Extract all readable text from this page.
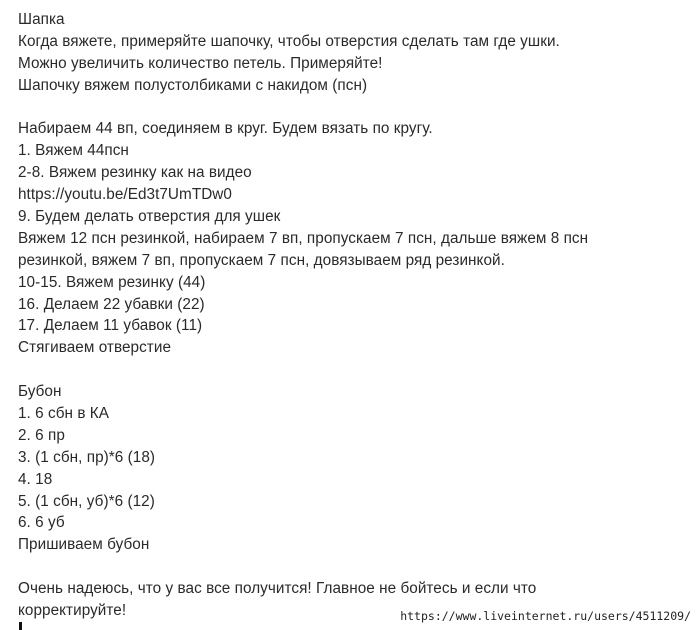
Шапка
Когда вяжете, примеряйте шапочку, чтобы отверстия сделать там где ушки.
Можно увеличить количество петель. Примеряйте!
Шапочку вяжем полустолбиками с накидом (псн)
Набираем 44 вп, соединяем в круг. Будем вязать по кругу.
1. Вяжем 44псн
2-8. Вяжем резинку как на видео
https://youtu.be/Ed3t7UmTDw0
9. Будем делать отверстия для ушек
Вяжем 12 псн резинкой, набираем 7 вп, пропускаем 7 псн, дальше вяжем 8 псн
резинкой, вяжем 7 вп, пропускаем 7 псн, довязываем ряд резинкой.
10-15. Вяжем резинку (44)
16. Делаем 22 убавки (22)
17. Делаем 11 убавок (11)
Стягиваем отверстие
Бубон
1. 6 сбн в КА
2. 6 пр
3. (1 сбн, пр)*6 (18)
4. 18
5. (1 сбн, уб)*6 (12)
6. 6 уб
Пришиваем бубон
Очень надеюсь, что у вас все получится! Главное не бойтесь и если что
корректируйте!	https://www.liveinternet.ru/users/4511209/
